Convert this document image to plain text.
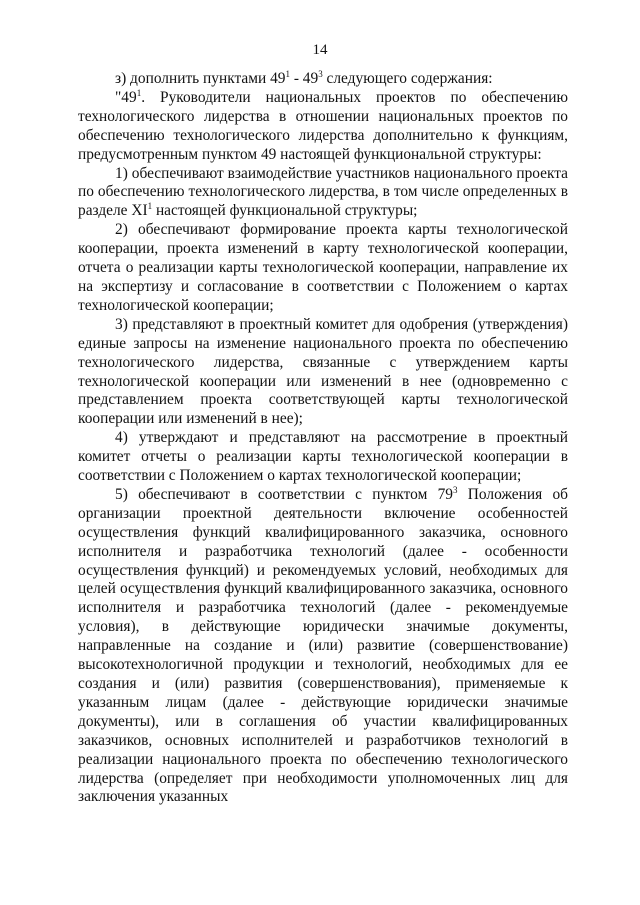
14

з) дополнить пунктами $49^1 - 49^3$ следующего содержания:

"$49^1$. Руководители национальных проектов по обеспечению технологического лидерства в отношении национальных проектов по обеспечению технологического лидерства дополнительно к функциям, предусмотренным пунктом 49 настоящей функциональной структуры:

1) обеспечивают взаимодействие участников национального проекта по обеспечению технологического лидерства, в том числе определенных в разделе $XI^1$ настоящей функциональной структуры;

2) обеспечивают формирование проекта карты технологической кооперации, проекта изменений в карту технологической кооперации, отчета о реализации карты технологической кооперации, направление их на экспертизу и согласование в соответствии с Положением о картах технологической кооперации;

3) представляют в проектный комитет для одобрения (утверждения) единые запросы на изменение национального проекта по обеспечению технологического лидерства, связанные с утверждением карты технологической кооперации или изменений в нее (одновременно с представлением проекта соответствующей карты технологической кооперации или изменений в нее);

4) утверждают и представляют на рассмотрение в проектный комитет отчеты о реализации карты технологической кооперации в соответствии с Положением о картах технологической кооперации;

5) обеспечивают в соответствии с пунктом $79^3$ Положения об организации проектной деятельности включение особенностей осуществления функций квалифицированного заказчика, основного исполнителя и разработчика технологий (далее - особенности осуществления функций) и рекомендуемых условий, необходимых для целей осуществления функций квалифицированного заказчика, основного исполнителя и разработчика технологий (далее - рекомендуемые условия), в действующие юридически значимые документы, направленные на создание и (или) развитие (совершенствование) высокотехнологичной продукции и технологий, необходимых для ее создания и (или) развития (совершенствования), применяемые к указанным лицам (далее - действующие юридически значимые документы), или в соглашения об участии квалифицированных заказчиков, основных исполнителей и разработчиков технологий в реализации национального проекта по обеспечению технологического лидерства (определяет при необходимости уполномоченных лиц для заключения указанных
